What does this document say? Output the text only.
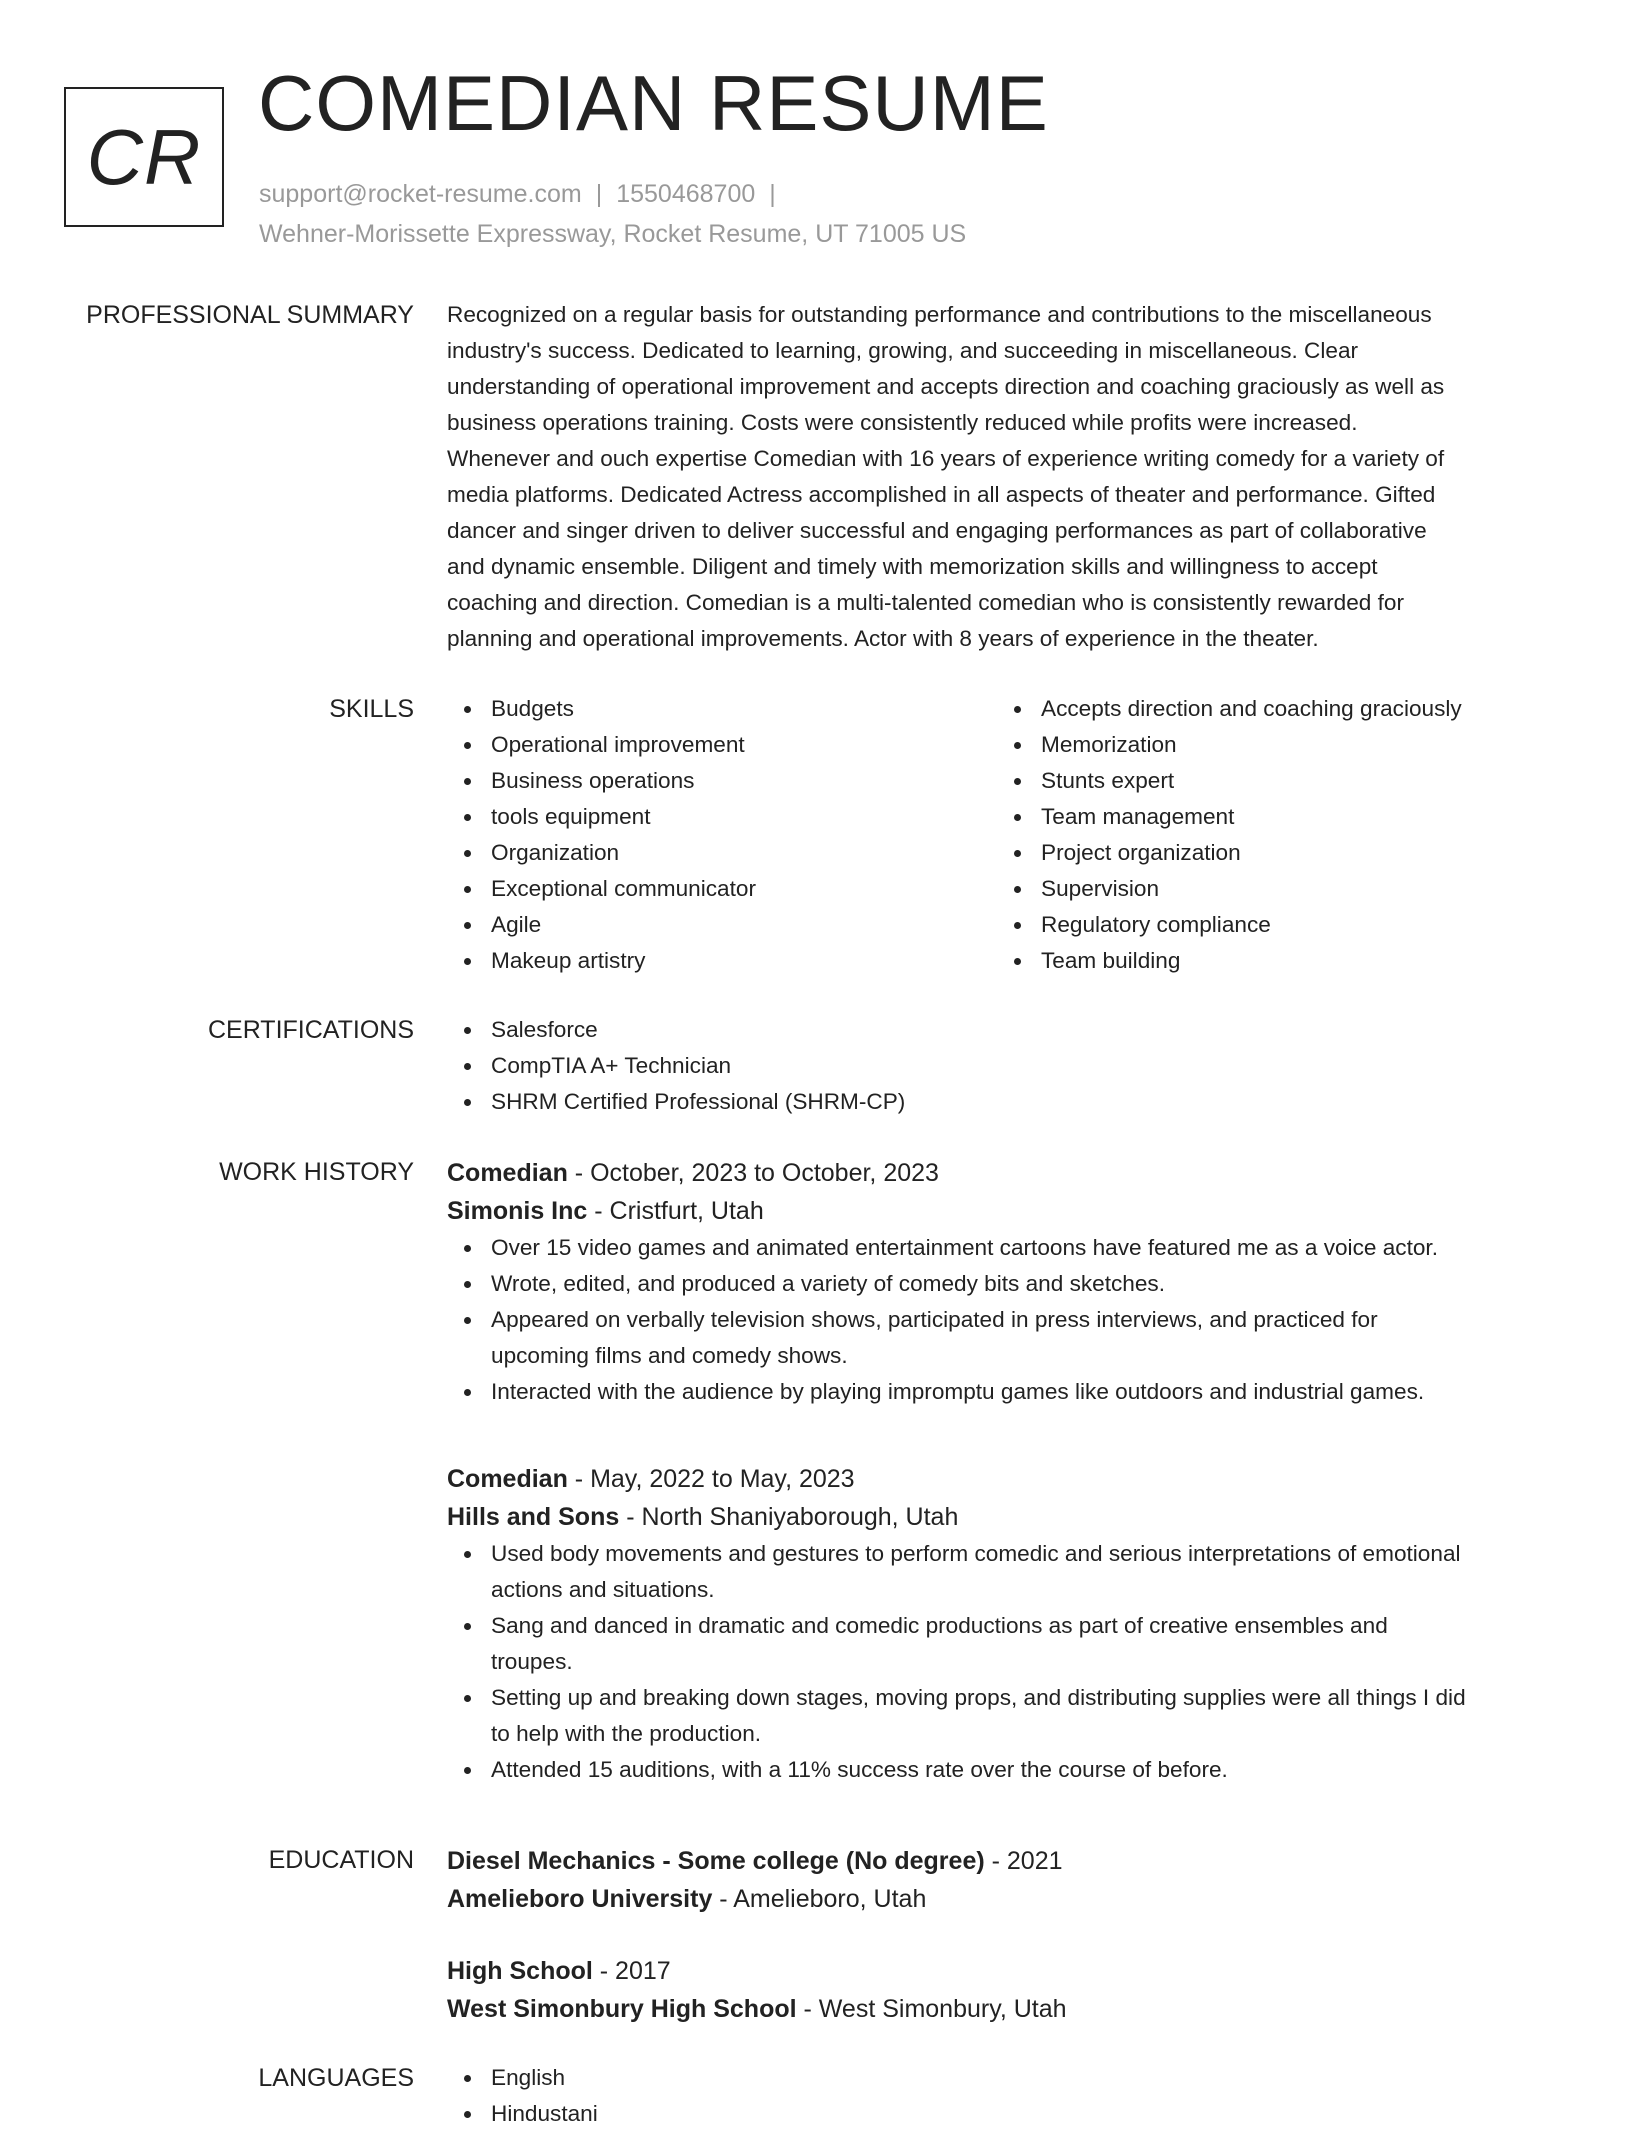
CR
COMEDIAN RESUME
support@rocket-resume.com | 1550468700 |
Wehner-Morissette Expressway, Rocket Resume, UT 71005 US
PROFESSIONAL SUMMARY Recognized on a regular basis for outstanding performance and contributions to the miscellaneous
industry's success. Dedicated to learning, growing, and succeeding in miscellaneous. Clear
understanding of operational improvement and accepts direction and coaching graciously as well as
business operations training. Costs were consistently reduced while profits were increased.
Whenever and ouch expertise Comedian with 16 years of experience writing comedy for a variety of
media platforms. Dedicated Actress accomplished in all aspects of theater and performance. Gifted
dancer and singer driven to deliver successful and engaging performances as part of collaborative
and dynamic ensemble. Diligent and timely with memorization skills and willingness to accept
coaching and direction. Comedian is a multi-talented comedian who is consistently rewarded for
planning and operational improvements. Actor with 8 years of experience in the theater.
SKILLS	Budgets
Operational improvement
Business operations
tools equipment
Organization
Exceptional communicator
Agile
Makeup artistry
Accepts direction and coaching graciously
Memorization
Stunts expert
Team management
Project organization
Supervision
Regulatory compliance
Team building
CERTIFICATIONS	Salesforce
CompTIA A+ Technician
SHRM Certified Professional (SHRM-CP)
WORK HISTORY Comedian - October, 2023 to October, 2023
Simonis Inc - Cristfurt, Utah
Over 15 video games and animated entertainment cartoons have featured me as a voice actor.
Wrote, edited, and produced a variety of comedy bits and sketches.
Appeared on verbally television shows, participated in press interviews, and practiced for
upcoming films and comedy shows.
Interacted with the audience by playing impromptu games like outdoors and industrial games.
Comedian - May, 2022 to May, 2023
Hills and Sons - North Shaniyaborough, Utah
Used body movements and gestures to perform comedic and serious interpretations of emotional
actions and situations.
Sang and danced in dramatic and comedic productions as part of creative ensembles and
troupes.
Setting up and breaking down stages, moving props, and distributing supplies were all things I did
to help with the production.
Attended 15 auditions, with a 11% success rate over the course of before.
EDUCATION Diesel Mechanics - Some college (No degree) - 2021
Amelieboro University - Amelieboro, Utah
High School - 2017
West Simonbury High School - West Simonbury, Utah
LANGUAGES	English
Hindustani
